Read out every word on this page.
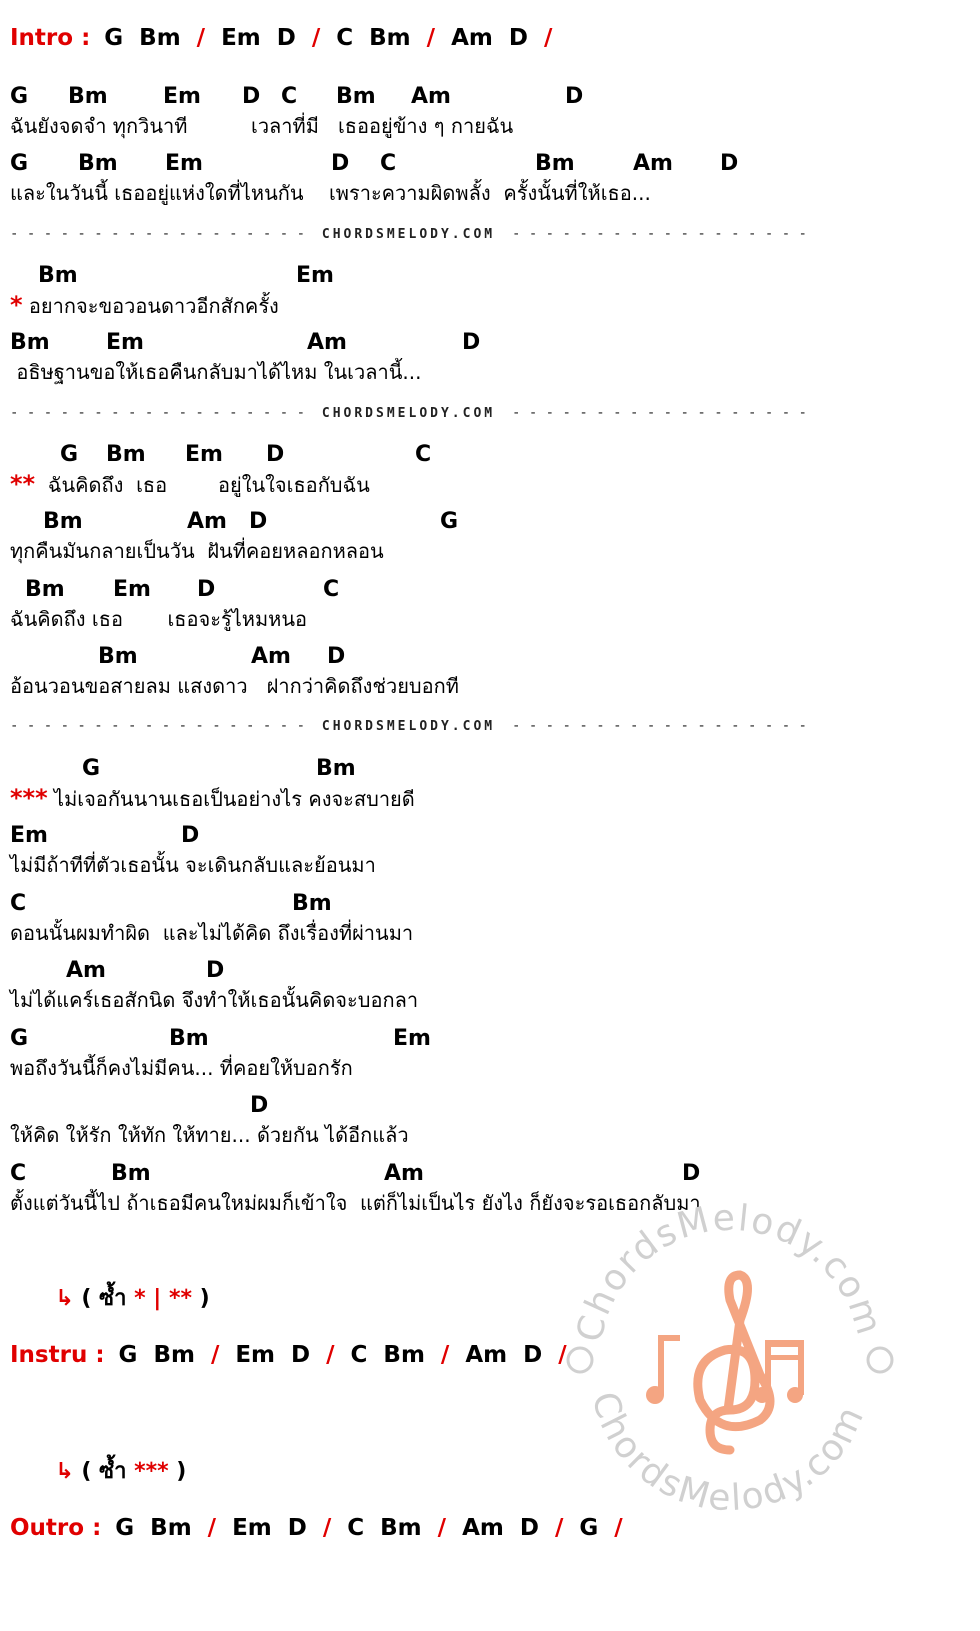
Intro : G Bm / Em D / C Bm / Am D /
Instru : G Bm / Em D / C Bm / Am D /
Outro : G Bm / Em D / C Bm / Am D / G /
- - - - - - - - - - - - - - - - - - CHORDSMELODY.COM - - - - - - - - - - - - - - - - - -
- - - - - - - - - - - - - - - - - - CHORDSMELODY.COM - - - - - - - - - - - - - - - - - -
- - - - - - - - - - - - - - - - - - CHORDSMELODY.COM - - - - - - - - - - - - - - - - - -
G Bm	Em D C Bm Am	D
ฉันยังจดจำ ทุกวินาที          เวลาที่มี   เธออยู่ข้าง ๆ กายฉัน
G Bm Em	D C	Bm	Am D
และในวันนี้ เธออยู่แห่งใดที่ไหนกัน    เพราะความผิดพลั้ง  ครั้งนั้นที่ให้เธอ...
Bm	Em
* อยากจะขอวอนดาวอีกสักครั้ง
Bm	Em	Am	D
อธิษฐานขอให้เธอคืนกลับมาได้ไหม ในเวลานี้...
G Bm Em D	C
**  ฉันคิดถึง  เธอ        อยู่ในใจเธอกับฉัน
Bm	Am D	G
ทุกคืนมันกลายเป็นวัน  ฝันที่คอยหลอกหลอน
Bm Em D	C
ฉันคิดถึง เธอ       เธอจะรู้ไหมหนอ
Bm	Am D
อ้อนวอนขอสายลม แสงดาว   ฝากว่าคิดถึงช่วยบอกที
G	Bm
*** ไม่เจอกันนานเธอเป็นอย่างไร คงจะสบายดี
Em	D
ไม่มีถ้าทีที่ตัวเธอนั้น จะเดินกลับและย้อนมา
C	Bm
ดอนนั้นผมทำผิด  และไม่ได้คิด ถึงเรื่องที่ผ่านมา
Am	D
ไม่ได้แคร์เธอสักนิด จึงทำให้เธอนั้นคิดจะบอกลา
G	Bm	Em
พอถึงวันนี้ก็คงไม่มีคน... ที่คอยให้บอกรัก
D
ให้คิด ให้รัก ให้ทัก ให้ทาย... ด้วยกัน ได้อีกแล้ว
C	Bm	Am	D
ตั้งแต่วันนี้ไป ถ้าเธอมีคนใหม่ผมก็เข้าใจ  แต่ก็ไม่เป็นไร ยังไง ก็ยังจะรอเธอกลับมา

↳ ( ซ้ำ * | ** )

↳ ( ซ้ำ *** )

ChordsMelody.com
ChordsMelody.com
